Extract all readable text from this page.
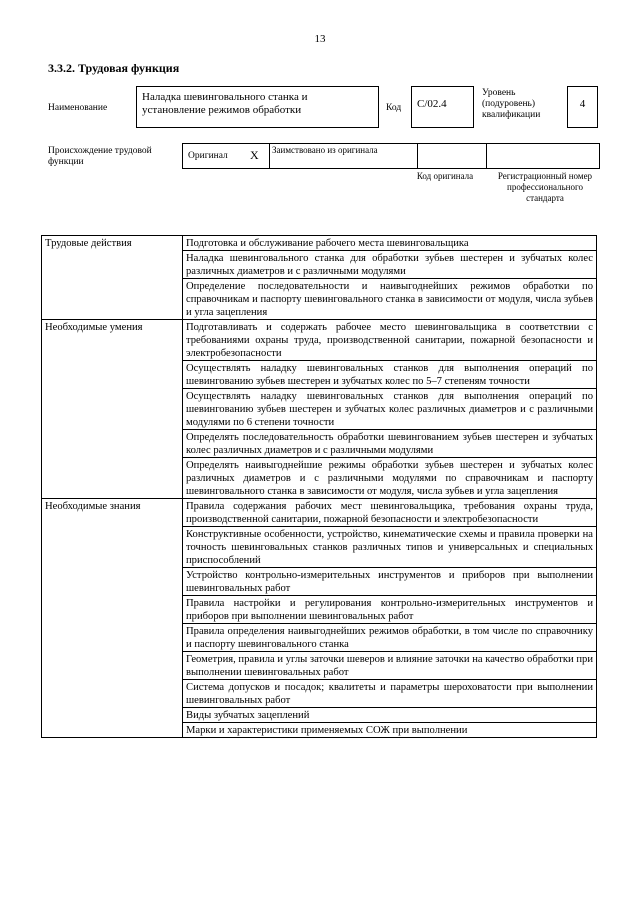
13
3.3.2. Трудовая функция
Наименование
Наладка шевинговального станка и установление режимов обработки	Код	С/02.4
Уровень (подуровень) квалификации
4
Происхождение трудовой функции
Оригинал X Заимствовано из оригинала
Код оригинала	Регистрационный номер профессионального стандарта
Трудовые действия	Подготовка и обслуживание рабочего места шевинговальщика
	Наладка шевинговального станка для обработки зубьев шестерен и зубчатых колес различных диаметров и с различными модулями
	Определение последовательности и наивыгоднейших режимов обработки по справочникам и паспорту шевинговального станка в зависимости от модуля, числа зубьев и угла зацепления
Необходимые умения	Подготавливать и содержать рабочее место шевинговальщика в соответствии с требованиями охраны труда, производственной санитарии, пожарной безопасности и электробезопасности
	Осуществлять наладку шевинговальных станков для выполнения операций по шевингованию зубьев шестерен и зубчатых колес по 5–7 степеням точности
	Осуществлять наладку шевинговальных станков для выполнения операций по шевингованию зубьев шестерен и зубчатых колес различных диаметров и с различными модулями по 6 степени точности
	Определять последовательность обработки шевингованием зубьев шестерен и зубчатых колес различных диаметров и с различными модулями
	Определять наивыгоднейшие режимы обработки зубьев шестерен и зубчатых колес различных диаметров и с различными модулями по справочникам и паспорту шевинговального станка в зависимости от модуля, числа зубьев и угла зацепления
Необходимые знания	Правила содержания рабочих мест шевинговальщика, требования охраны труда, производственной санитарии, пожарной безопасности и электробезопасности
	Конструктивные особенности, устройство, кинематические схемы и правила проверки на точность шевинговальных станков различных типов и универсальных и специальных приспособлений
	Устройство контрольно-измерительных инструментов и приборов при выполнении шевинговальных работ
	Правила настройки и регулирования контрольно-измерительных инструментов и приборов при выполнении шевинговальных работ
	Правила определения наивыгоднейших режимов обработки, в том числе по справочнику и паспорту шевинговального станка
	Геометрия, правила и углы заточки шеверов и влияние заточки на качество обработки при выполнении шевинговальных работ
	Система допусков и посадок; квалитеты и параметры шероховатости при выполнении шевинговальных работ
	Виды зубчатых зацеплений
	Марки и характеристики применяемых СОЖ при выполнении
